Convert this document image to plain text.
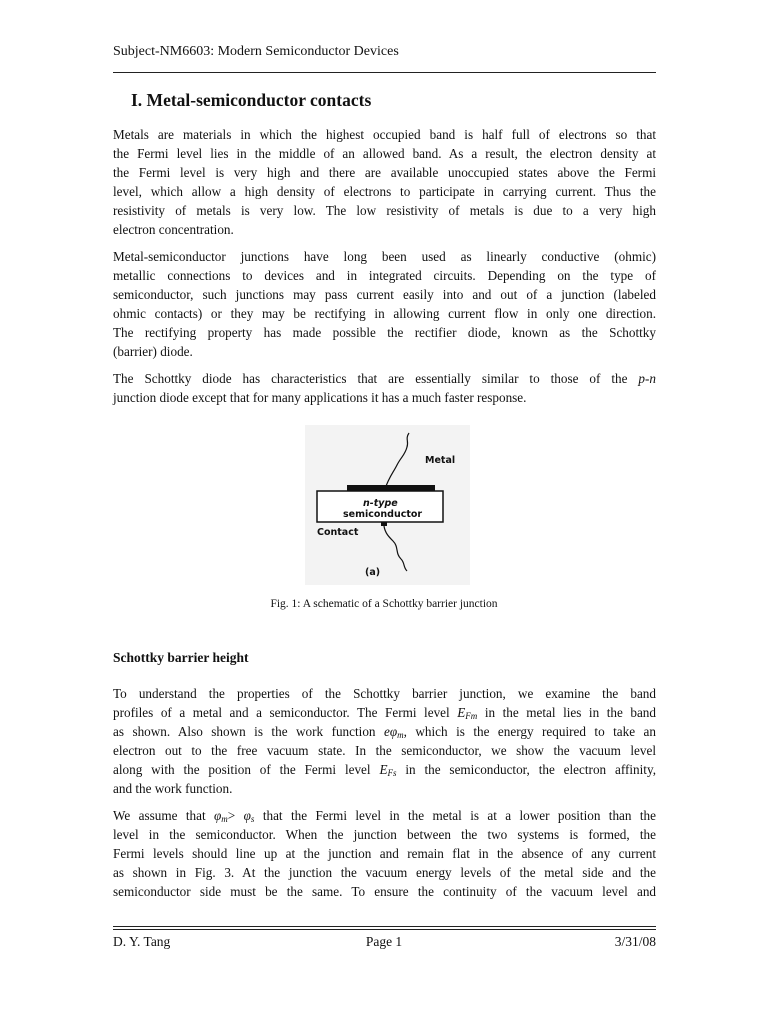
Subject-NM6603: Modern Semiconductor Devices
I. Metal-semiconductor contacts
Metals are materials in which the highest occupied band is half full of electrons so that
the Fermi level lies in the middle of an allowed band. As a result, the electron density at
the Fermi level is very high and there are available unoccupied states above the Fermi
level, which allow a high density of electrons to participate in carrying current. Thus the
resistivity of metals is very low. The low resistivity of metals is due to a very high
electron concentration.
Metal-semiconductor junctions have long been used as linearly conductive (ohmic)
metallic connections to devices and in integrated circuits. Depending on the type of
semiconductor, such junctions may pass current easily into and out of a junction (labeled
ohmic contacts) or they may be rectifying in allowing current flow in only one direction.
The rectifying property has made possible the rectifier diode, known as the Schottky
(barrier) diode.
The Schottky diode has characteristics that are essentially similar to those of the p-n
junction diode except that for many applications it has a much faster response.
Metal
n-type
semiconductor
Contact
(a)
Fig. 1: A schematic of a Schottky barrier junction
Schottky barrier height
To understand the properties of the Schottky barrier junction, we examine the band
profiles of a metal and a semiconductor. The Fermi level $E_{Fm}$ in the metal lies in the band
as shown. Also shown is the work function $e\varphi_m$, which is the energy required to take an
electron out to the free vacuum state. In the semiconductor, we show the vacuum level
along with the position of the Fermi level $E_{Fs}$ in the semiconductor, the electron affinity,
and the work function.
We assume that $\varphi_m> \varphi_s$ that the Fermi level in the metal is at a lower position than the
level in the semiconductor. When the junction between the two systems is formed, the
Fermi levels should line up at the junction and remain flat in the absence of any current
as shown in Fig. 3. At the junction the vacuum energy levels of the metal side and the
semiconductor side must be the same. To ensure the continuity of the vacuum level and
D. Y. Tang	Page 1	3/31/08
